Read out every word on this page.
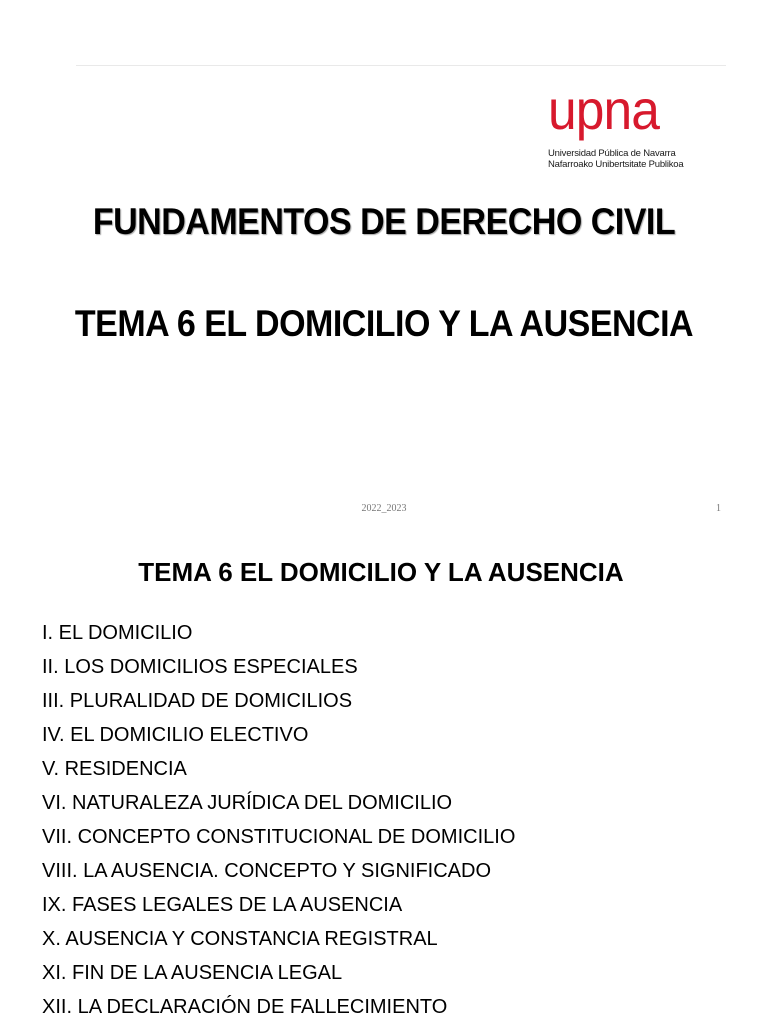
upna
Universidad Pública de Navarra
Nafarroako Unibertsitate Publikoa
FUNDAMENTOS DE DERECHO CIVIL
TEMA 6 EL DOMICILIO Y LA AUSENCIA
2022_2023	1
TEMA 6 EL DOMICILIO Y LA AUSENCIA
I. EL DOMICILIO
II. LOS DOMICILIOS ESPECIALES
III. PLURALIDAD DE DOMICILIOS
IV. EL DOMICILIO ELECTIVO
V. RESIDENCIA
VI. NATURALEZA JURÍDICA DEL DOMICILIO
VII. CONCEPTO CONSTITUCIONAL DE DOMICILIO
VIII. LA AUSENCIA. CONCEPTO Y SIGNIFICADO
IX. FASES LEGALES DE LA AUSENCIA
X. AUSENCIA Y CONSTANCIA REGISTRAL
XI. FIN DE LA AUSENCIA LEGAL
XII. LA DECLARACIÓN DE FALLECIMIENTO
